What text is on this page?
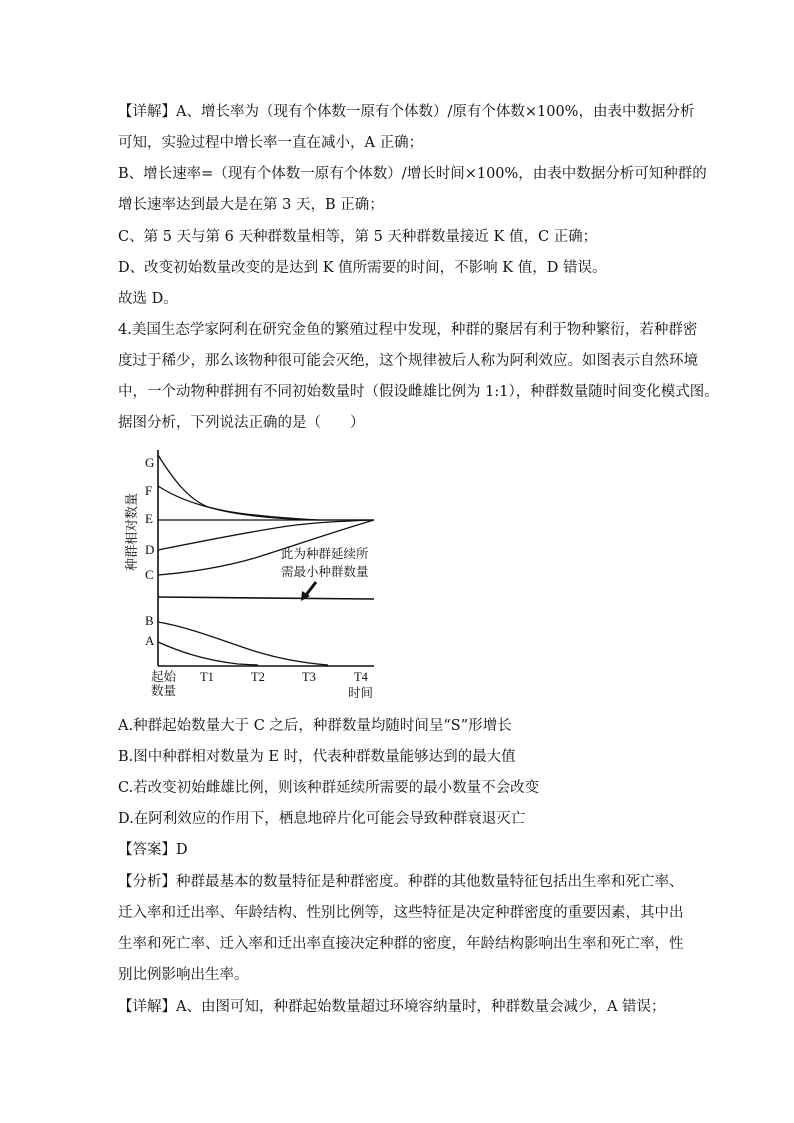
【详解】A、增长率为（现有个体数一原有个体数）/原有个体数×100%，由表中数据分析
可知，实验过程中增长率一直在减小，A 正确；
B、增长速率=（现有个体数一原有个体数）/增长时间×100%，由表中数据分析可知种群的
增长速率达到最大是在第 3 天，B 正确；
C、第 5 天与第 6 天种群数量相等，第 5 天种群数量接近 K 值，C 正确；
D、改变初始数量改变的是达到 K 值所需要的时间，不影响 K 值，D 错误。
故选 D。
4.美国生态学家阿利在研究金鱼的繁殖过程中发现，种群的聚居有利于物种繁衍，若种群密
度过于稀少，那么该物种很可能会灭绝，这个规律被后人称为阿利效应。如图表示自然环境
中，一个动物种群拥有不同初始数量时（假设雌雄比例为 1:1），种群数量随时间变化模式图。
据图分析，下列说法正确的是（　　）
种群相对数量
G
F
E
D
C
B
A
此为种群延续所
需最小种群数量
起始
数量
T1	T2	T3	T4
时间
A.种群起始数量大于 C 之后，种群数量均随时间呈“S”形增长
B.图中种群相对数量为 E 时，代表种群数量能够达到的最大值
C.若改变初始雌雄比例，则该种群延续所需要的最小数量不会改变
D.在阿利效应的作用下，栖息地碎片化可能会导致种群衰退灭亡
【答案】D
【分析】种群最基本的数量特征是种群密度。种群的其他数量特征包括出生率和死亡率、
迁入率和迁出率、年龄结构、性别比例等，这些特征是决定种群密度的重要因素，其中出
生率和死亡率、迁入率和迁出率直接决定种群的密度，年龄结构影响出生率和死亡率，性
别比例影响出生率。
【详解】A、由图可知，种群起始数量超过环境容纳量时，种群数量会减少，A 错误；
